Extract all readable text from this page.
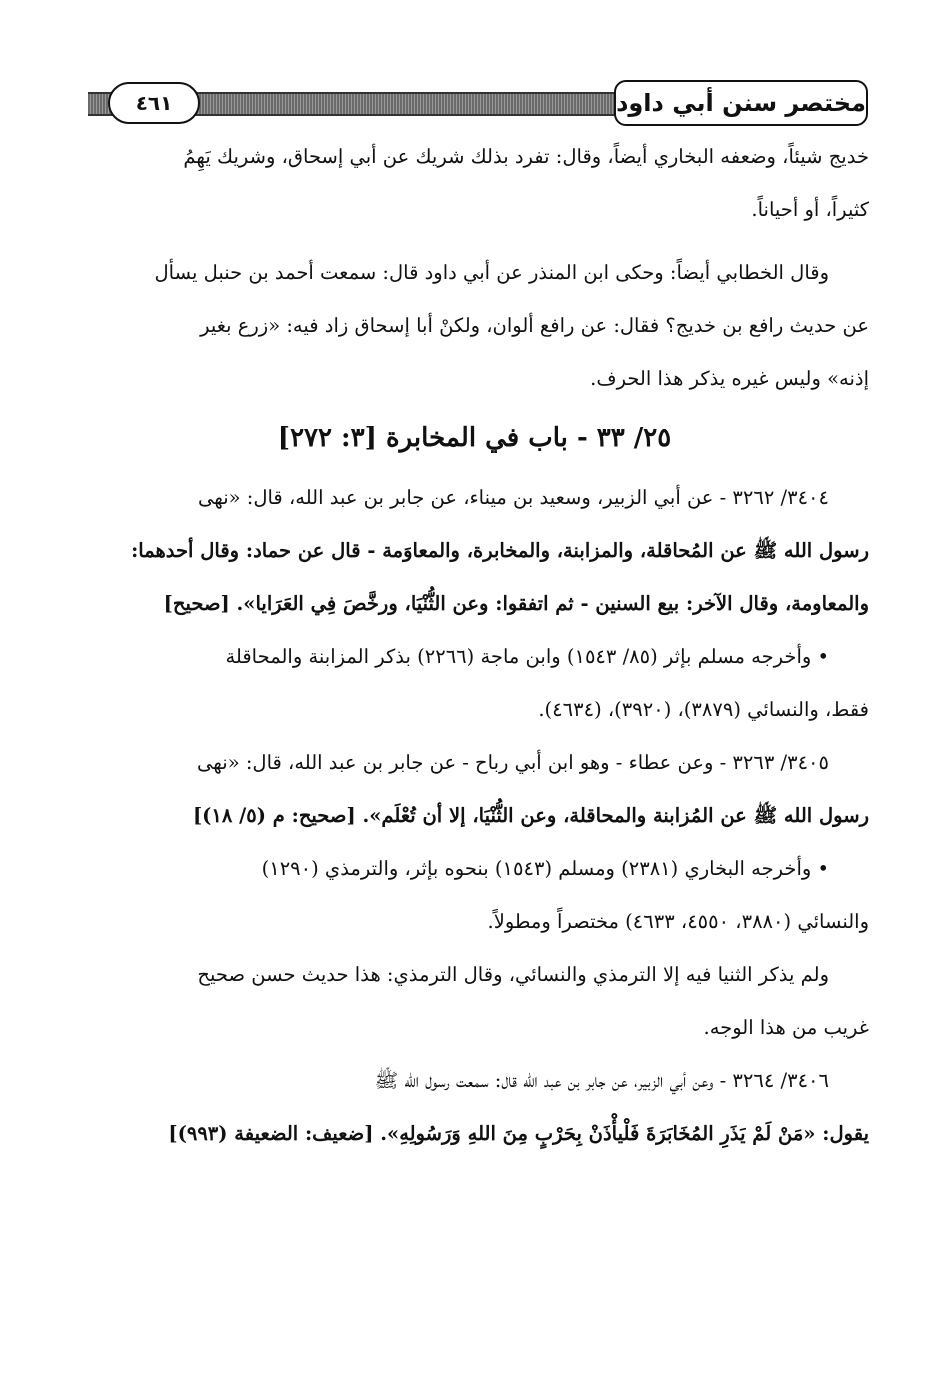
٤٦١	مختصر سنن أبي داود
خديج شيئاً، وضعفه البخاري أيضاً، وقال: تفرد بذلك شريك عن أبي إسحاق، وشريك يَهِمُ
كثيراً، أو أحياناً.
وقال الخطابي أيضاً: وحكى ابن المنذر عن أبي داود قال: سمعت أحمد بن حنبل يسأل
عن حديث رافع بن خديج؟ فقال: عن رافع ألوان، ولكنْ أبا إسحاق زاد فيه: «زرع بغير
إذنه» وليس غيره يذكر هذا الحرف.
٢٥/ ٣٣ - باب في المخابرة [٣: ٢٧٢]
٣٤٠٤/ ٣٢٦٢ - عن أبي الزبير، وسعيد بن ميناء، عن جابر بن عبد الله، قال: «نهى
رسول الله ﷺ عن المُحاقلة، والمزابنة، والمخابرة، والمعاوَمة - قال عن حماد: وقال أحدهما:
والمعاومة، وقال الآخر: بيع السنين - ثم اتفقوا: وعن الثُّنْيَا، ورخَّصَ فِي العَرَايا». [صحيح]
• وأخرجه مسلم بإثر (٨٥/ ١٥٤٣) وابن ماجة (٢٢٦٦) بذكر المزابنة والمحاقلة
فقط، والنسائي (٣٨٧٩)، (٣٩٢٠)، (٤٦٣٤).
٣٤٠٥/ ٣٢٦٣ - وعن عطاء - وهو ابن أبي رباح - عن جابر بن عبد الله، قال: «نهى
رسول الله ﷺ عن المُزابنة والمحاقلة، وعن الثُّنْيَا، إلا أن تُعْلَم». [صحيح: م (٥/ ١٨)]
• وأخرجه البخاري (٢٣٨١) ومسلم (١٥٤٣) بنحوه بإثر، والترمذي (١٢٩٠)
والنسائي (٣٨٨٠، ٤٥٥٠، ٤٦٣٣) مختصراً ومطولاً.
ولم يذكر الثنيا فيه إلا الترمذي والنسائي، وقال الترمذي: هذا حديث حسن صحيح
غريب من هذا الوجه.
٣٤٠٦/ ٣٢٦٤ - وعن أبي الزبير، عن جابر بن عبد الله قال: سمعت رسول الله ﷺ
يقول: «مَنْ لَمْ يَذَرِ المُخَابَرَةَ فَلْيأْذَنْ بِحَرْبٍ مِنَ اللهِ وَرَسُولِهِ». [ضعيف: الضعيفة (٩٩٣)]
